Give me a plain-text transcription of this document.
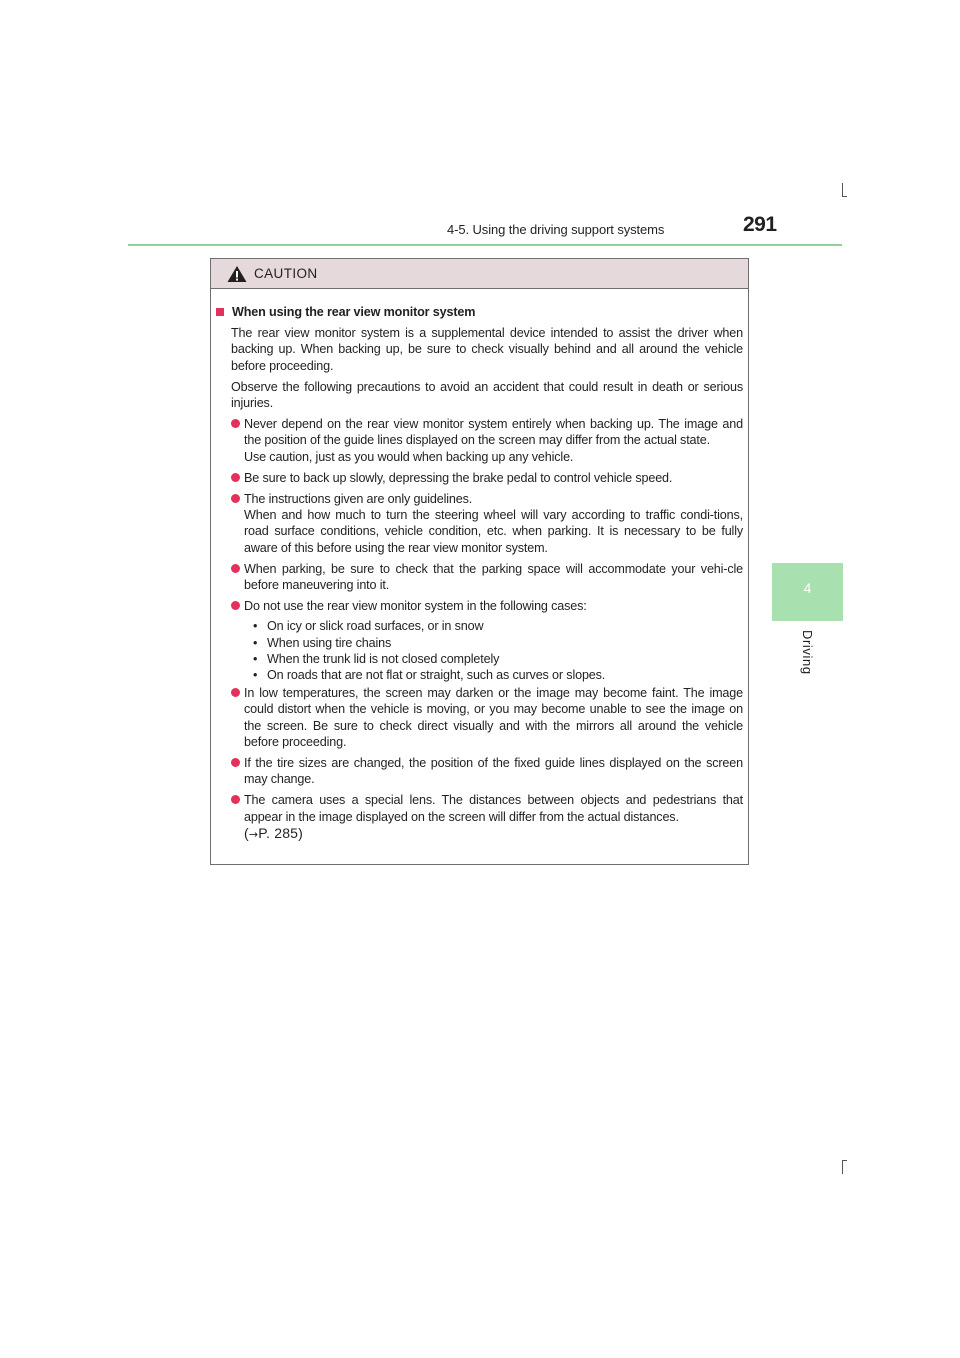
4-5. Using the driving support systems	291
4
Driving
CAUTION
When using the rear view monitor system

The rear view monitor system is a supplemental device intended to assist the driver when backing up. When backing up, be sure to check visually behind and all around the vehicle before proceeding.

Observe the following precautions to avoid an accident that could result in death or serious injuries.

Never depend on the rear view monitor system entirely when backing up. The image and the position of the guide lines displayed on the screen may differ from the actual state.
Use caution, just as you would when backing up any vehicle.
Be sure to back up slowly, depressing the brake pedal to control vehicle speed.
The instructions given are only guidelines.
When and how much to turn the steering wheel will vary according to traffic condi-tions, road surface conditions, vehicle condition, etc. when parking. It is necessary to be fully aware of this before using the rear view monitor system.
When parking, be sure to check that the parking space will accommodate your vehi-cle before maneuvering into it.
Do not use the rear view monitor system in the following cases:
• On icy or slick road surfaces, or in snow
• When using tire chains
• When the trunk lid is not closed completely
• On roads that are not flat or straight, such as curves or slopes.
In low temperatures, the screen may darken or the image may become faint. The image could distort when the vehicle is moving, or you may become unable to see the image on the screen. Be sure to check direct visually and with the mirrors all around the vehicle before proceeding.
If the tire sizes are changed, the position of the fixed guide lines displayed on the screen may change.
The camera uses a special lens. The distances between objects and pedestrians that appear in the image displayed on the screen will differ from the actual distances.
(→P. 285)
